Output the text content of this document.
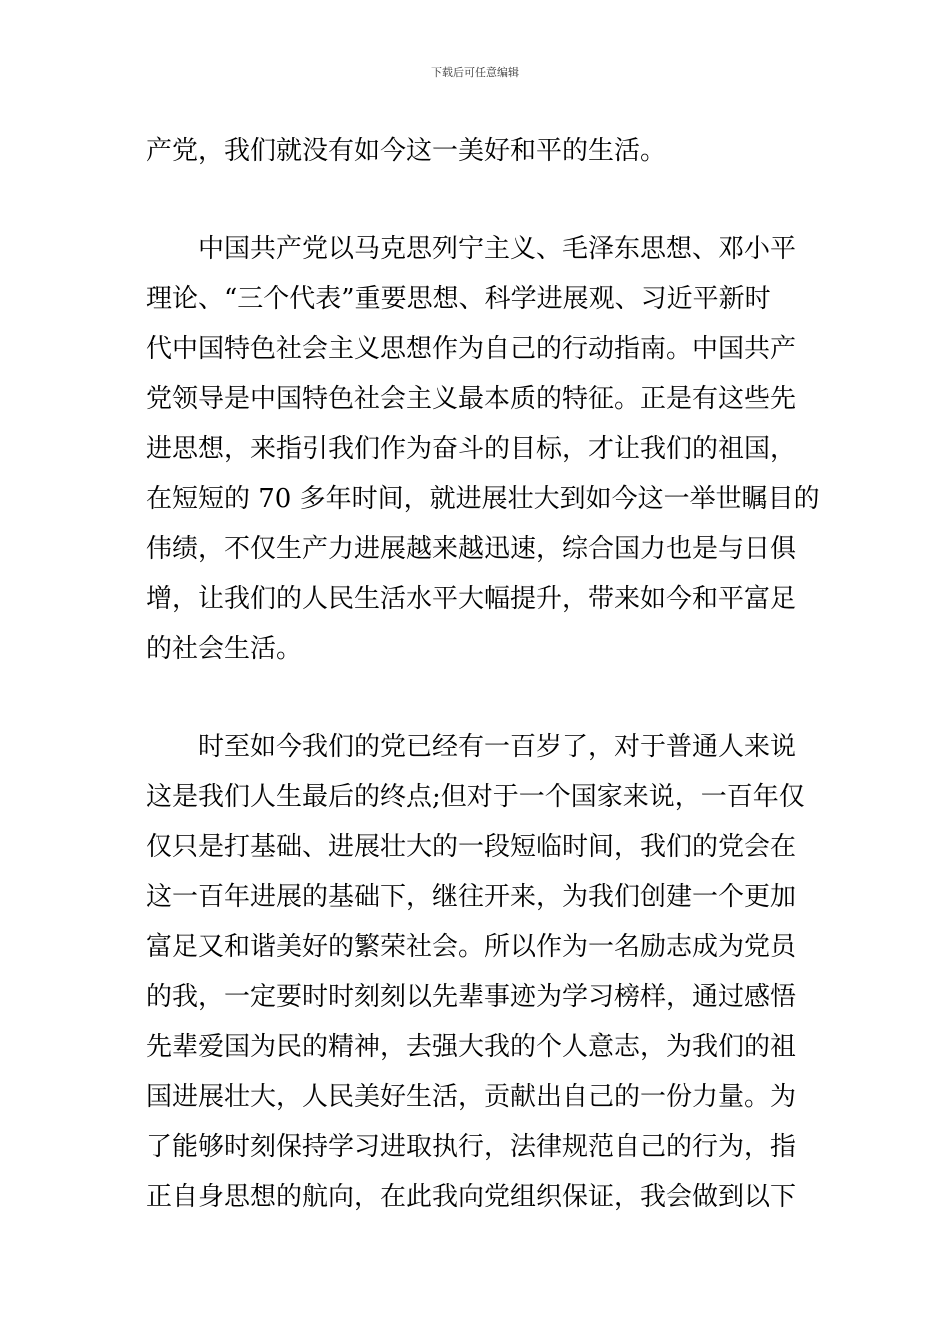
下载后可任意编辑
产党，我们就没有如今这一美好和平的生活。
中国共产党以马克思列宁主义、毛泽东思想、邓小平
理论、“三个代表”重要思想、科学进展观、习近平新时
代中国特色社会主义思想作为自己的行动指南。中国共产
党领导是中国特色社会主义最本质的特征。正是有这些先
进思想，来指引我们作为奋斗的目标，才让我们的祖国，
在短短的 70 多年时间，就进展壮大到如今这一举世瞩目的
伟绩，不仅生产力进展越来越迅速，综合国力也是与日俱
增，让我们的人民生活水平大幅提升，带来如今和平富足
的社会生活。
时至如今我们的党已经有一百岁了，对于普通人来说
这是我们人生最后的终点;但对于一个国家来说，一百年仅
仅只是打基础、进展壮大的一段短临时间，我们的党会在
这一百年进展的基础下，继往开来，为我们创建一个更加
富足又和谐美好的繁荣社会。所以作为一名励志成为党员
的我，一定要时时刻刻以先辈事迹为学习榜样，通过感悟
先辈爱国为民的精神，去强大我的个人意志，为我们的祖
国进展壮大，人民美好生活，贡献出自己的一份力量。为
了能够时刻保持学习进取执行，法律规范自己的行为，指
正自身思想的航向，在此我向党组织保证，我会做到以下
